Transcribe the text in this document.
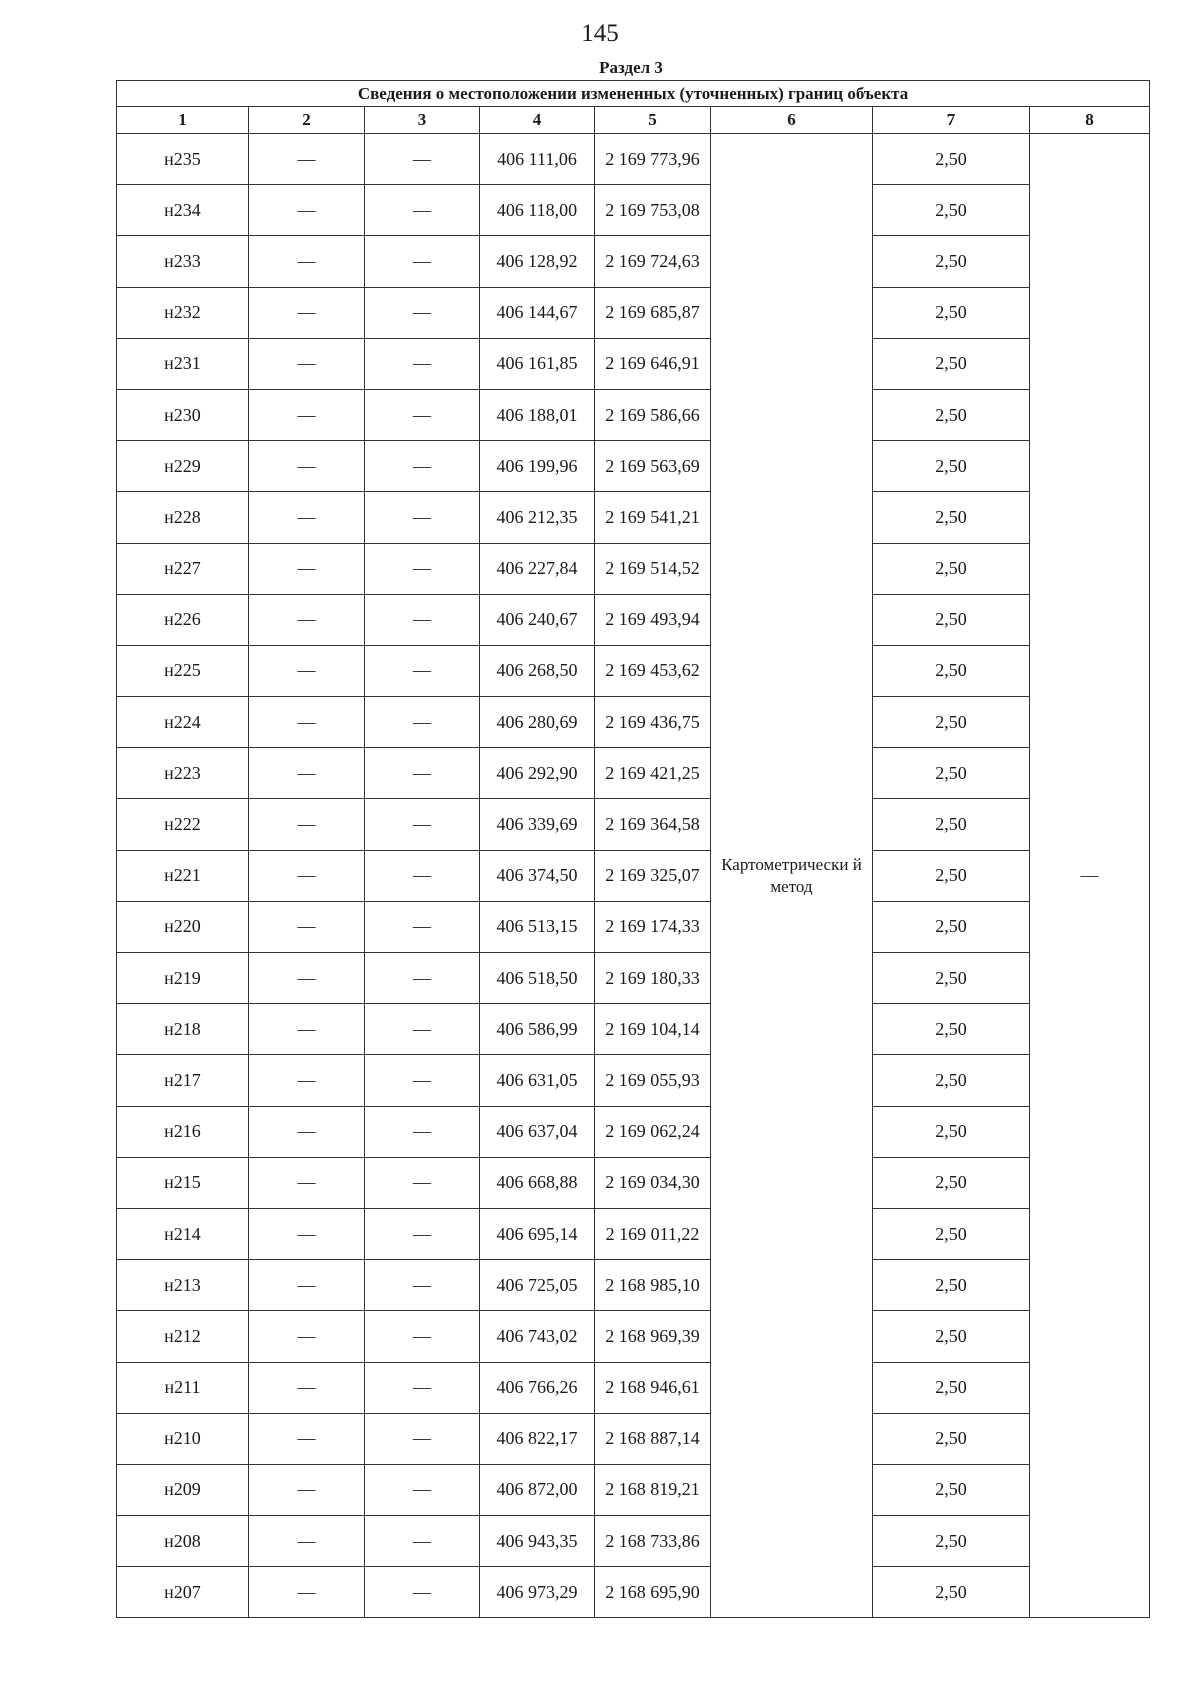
145
Раздел 3
Сведения о местоположении измененных (уточненных) границ объекта							
1	2	3	4	5	6	7	8
н235	—	—	406 111,06	2 169 773,96	Картометрически й метод	2,50	—
н234	—	—	406 118,00	2 169 753,08		2,50	
н233	—	—	406 128,92	2 169 724,63		2,50	
н232	—	—	406 144,67	2 169 685,87		2,50	
н231	—	—	406 161,85	2 169 646,91		2,50	
н230	—	—	406 188,01	2 169 586,66		2,50	
н229	—	—	406 199,96	2 169 563,69		2,50	
н228	—	—	406 212,35	2 169 541,21		2,50	
н227	—	—	406 227,84	2 169 514,52		2,50	
н226	—	—	406 240,67	2 169 493,94		2,50	
н225	—	—	406 268,50	2 169 453,62		2,50	
н224	—	—	406 280,69	2 169 436,75		2,50	
н223	—	—	406 292,90	2 169 421,25		2,50	
н222	—	—	406 339,69	2 169 364,58		2,50	
н221	—	—	406 374,50	2 169 325,07		2,50	
н220	—	—	406 513,15	2 169 174,33		2,50	
н219	—	—	406 518,50	2 169 180,33		2,50	
н218	—	—	406 586,99	2 169 104,14		2,50	
н217	—	—	406 631,05	2 169 055,93		2,50	
н216	—	—	406 637,04	2 169 062,24		2,50	
н215	—	—	406 668,88	2 169 034,30		2,50	
н214	—	—	406 695,14	2 169 011,22		2,50	
н213	—	—	406 725,05	2 168 985,10		2,50	
н212	—	—	406 743,02	2 168 969,39		2,50	
н211	—	—	406 766,26	2 168 946,61		2,50	
н210	—	—	406 822,17	2 168 887,14		2,50	
н209	—	—	406 872,00	2 168 819,21		2,50	
н208	—	—	406 943,35	2 168 733,86		2,50	
н207	—	—	406 973,29	2 168 695,90		2,50	
